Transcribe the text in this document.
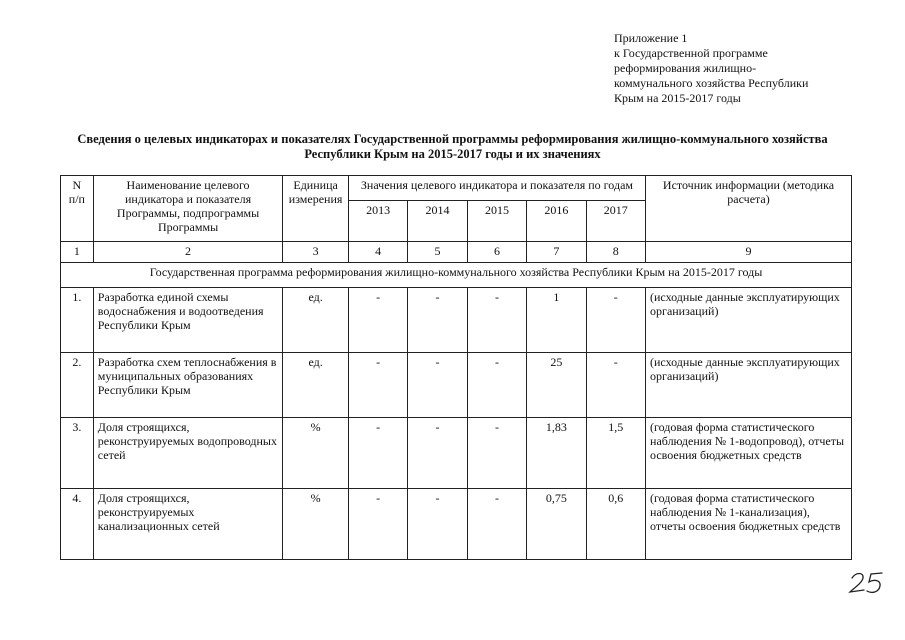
Приложение 1
к Государственной программе
реформирования жилищно-
коммунального хозяйства Республики
Крым на 2015-2017 годы
Сведения о целевых индикаторах и показателях Государственной программы реформирования жилищно-коммунального хозяйства
Республики Крым на 2015-2017 годы и их значениях
N
п/п	Наименование целевого индикатора и показателя Программы, подпрограммы Программы	Единица измерения	Значения целевого индикатора и показателя по годам					Источник информации (методика расчета)
			2013	2014	2015	2016	2017	
1	2	3	4	5	6	7	8	9
Государственная программа реформирования жилищно-коммунального хозяйства Республики Крым на 2015-2017 годы								
1.	Разработка единой схемы водоснабжения и водоотведения Республики Крым	ед.	-	-	-	1	-	(исходные данные эксплуатирующих организаций)
2.	Разработка схем теплоснабжения в муниципальных образованиях Республики Крым	ед.	-	-	-	25	-	(исходные данные эксплуатирующих организаций)
3.	Доля строящихся, реконструируемых водопроводных сетей	%	-	-	-	1,83	1,5	(годовая форма статистического наблюдения № 1-водопровод), отчеты освоения бюджетных средств
4.	Доля строящихся, реконструируемых канализационных сетей	%	-	-	-	0,75	0,6	(годовая форма статистического наблюдения № 1-канализация), отчеты освоения бюджетных средств
